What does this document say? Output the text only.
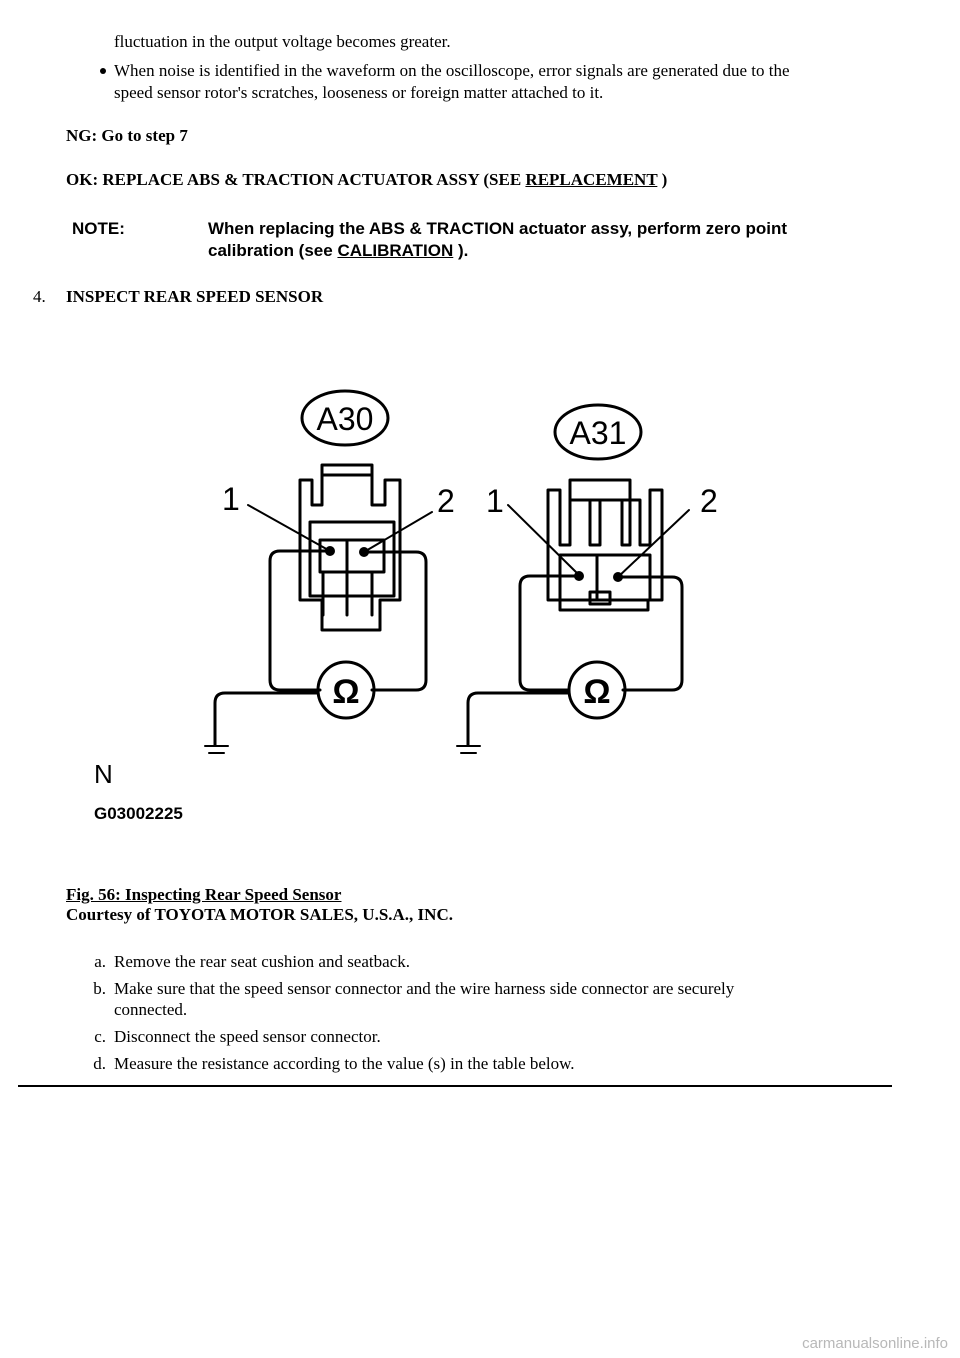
fluctuation in the output voltage becomes greater.
When noise is identified in the waveform on the oscilloscope, error signals are generated due to the
speed sensor rotor's scratches, looseness or foreign matter attached to it.
NG: Go to step 7
OK: REPLACE ABS & TRACTION ACTUATOR ASSY (SEE REPLACEMENT )
NOTE:	When replacing the ABS & TRACTION actuator assy, perform zero point
calibration (see CALIBRATION ).
4. INSPECT REAR SPEED SENSOR
A30	A31
1	2 1	2
Ω	Ω
N
G03002225
Fig. 56: Inspecting Rear Speed Sensor
Courtesy of TOYOTA MOTOR SALES, U.S.A., INC.
a. Remove the rear seat cushion and seatback.
b. Make sure that the speed sensor connector and the wire harness side connector are securely
connected.
c. Disconnect the speed sensor connector.
d. Measure the resistance according to the value (s) in the table below.
carmanualsonline.info
